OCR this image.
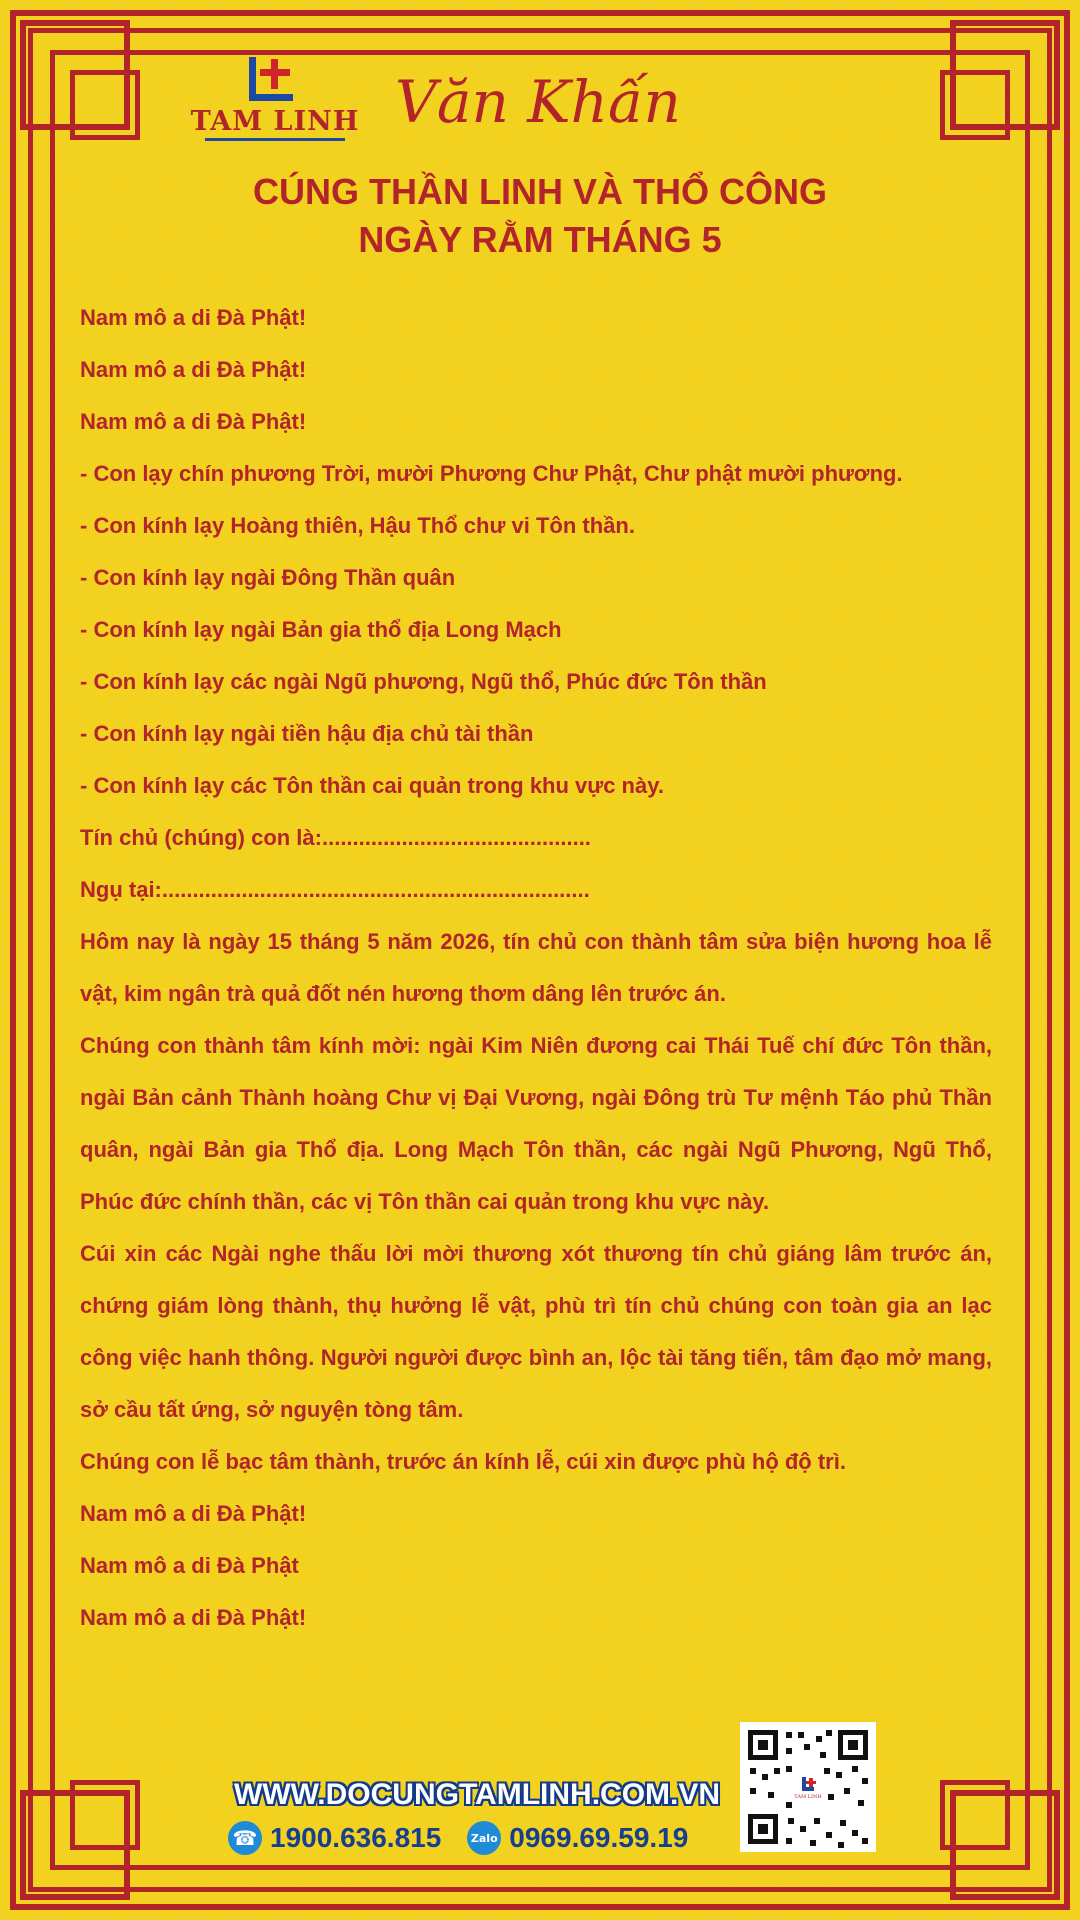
TAM LINH Văn Khấn
CÚNG THẦN LINH VÀ THỔ CÔNG
NGÀY RẰM THÁNG 5

Nam mô a di Đà Phật!

Nam mô a di Đà Phật!

Nam mô a di Đà Phật!

- Con lạy chín phương Trời, mười Phương Chư Phật, Chư phật mười phương.

- Con kính lạy Hoàng thiên, Hậu Thổ chư vi Tôn thần.

- Con kính lạy ngài Đông Thần quân

- Con kính lạy ngài Bản gia thổ địa Long Mạch

- Con kính lạy các ngài Ngũ phương, Ngũ thổ, Phúc đức Tôn thần

- Con kính lạy ngài tiền hậu địa chủ tài thần

- Con kính lạy các Tôn thần cai quản trong khu vực này.

Tín chủ (chúng) con là:............................................

Ngụ tại:......................................................................

Hôm nay là ngày 15 tháng 5 năm 2026, tín chủ con thành tâm sửa biện hương hoa lễ vật, kim ngân trà quả đốt nén hương thơm dâng lên trước án.

Chúng con thành tâm kính mời: ngài Kim Niên đương cai Thái Tuế chí đức Tôn thần, ngài Bản cảnh Thành hoàng Chư vị Đại Vương, ngài Đông trù Tư mệnh Táo phủ Thần quân, ngài Bản gia Thổ địa. Long Mạch Tôn thần, các ngài Ngũ Phương, Ngũ Thổ, Phúc đức chính thần, các vị Tôn thần cai quản trong khu vực này.

Cúi xin các Ngài nghe thấu lời mời thương xót thương tín chủ giáng lâm trước án, chứng giám lòng thành, thụ hưởng lễ vật, phù trì tín chủ chúng con toàn gia an lạc công việc hanh thông. Người người được bình an, lộc tài tăng tiến, tâm đạo mở mang, sở cầu tất ứng, sở nguyện tòng tâm.

Chúng con lễ bạc tâm thành, trước án kính lễ, cúi xin được phù hộ độ trì.

Nam mô a di Đà Phật!

Nam mô a di Đà Phật

Nam mô a di Đà Phật!

WWW.DOCUNGTAMLINH.COM.VN
☎ 1900.636.815	Zalo 0969.69.59.19
TAM LINH
